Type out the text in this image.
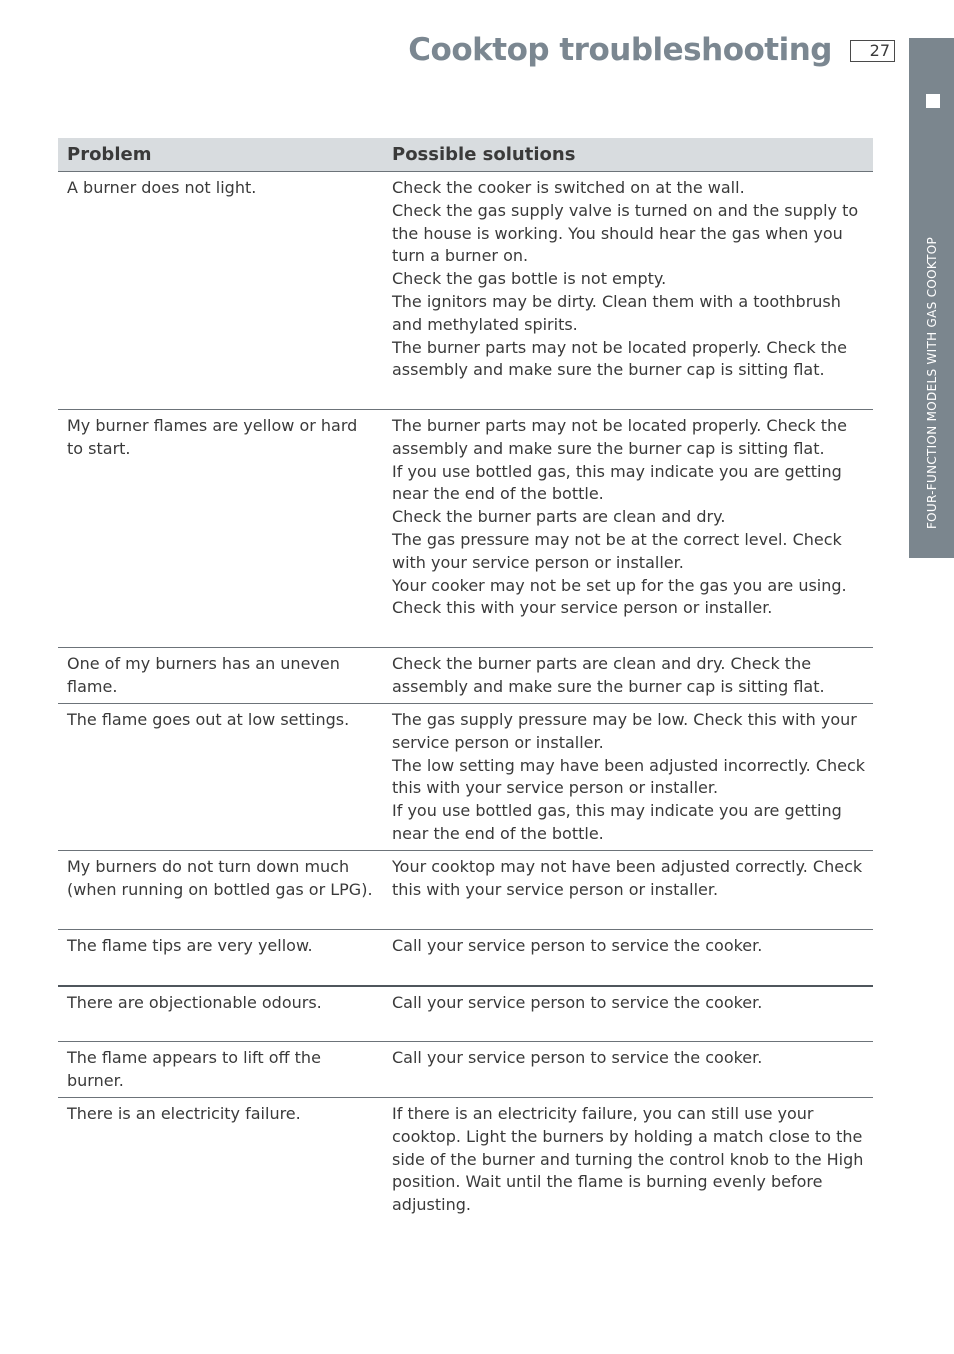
Cooktop troubleshooting	27
FOUR-FUNCTION MODELS WITH GAS COOKTOP
Problem	Possible solutions
A burner does not light.	Check the cooker is switched on at the wall.
Check the gas supply valve is turned on and the supply to the house is working. You should hear the gas when you turn a burner on.
Check the gas bottle is not empty.
The ignitors may be dirty. Clean them with a toothbrush and methylated spirits.
The burner parts may not be located properly. Check the assembly and make sure the burner cap is sitting flat.

My burner flames are yellow or hard to start.	The burner parts may not be located properly. Check the assembly and make sure the burner cap is sitting flat.
If you use bottled gas, this may indicate you are getting near the end of the bottle.
Check the burner parts are clean and dry.
The gas pressure may not be at the correct level. Check with your service person or installer.
Your cooker may not be set up for the gas you are using. Check this with your service person or installer.

One of my burners has an uneven flame.	Check the burner parts are clean and dry. Check the assembly and make sure the burner cap is sitting flat.

The flame goes out at low settings.	The gas supply pressure may be low. Check this with your service person or installer.
The low setting may have been adjusted incorrectly. Check this with your service person or installer.
If you use bottled gas, this may indicate you are getting near the end of the bottle.

My burners do not turn down much (when running on bottled gas or LPG).	Your cooktop may not have been adjusted correctly. Check this with your service person or installer.

The flame tips are very yellow.	Call your service person to service the cooker.

There are objectionable odours.	Call your service person to service the cooker.

The flame appears to lift off the burner.	Call your service person to service the cooker.

There is an electricity failure.	If there is an electricity failure, you can still use your cooktop. Light the burners by holding a match close to the side of the burner and turning the control knob to the High position. Wait until the flame is burning evenly before adjusting.
